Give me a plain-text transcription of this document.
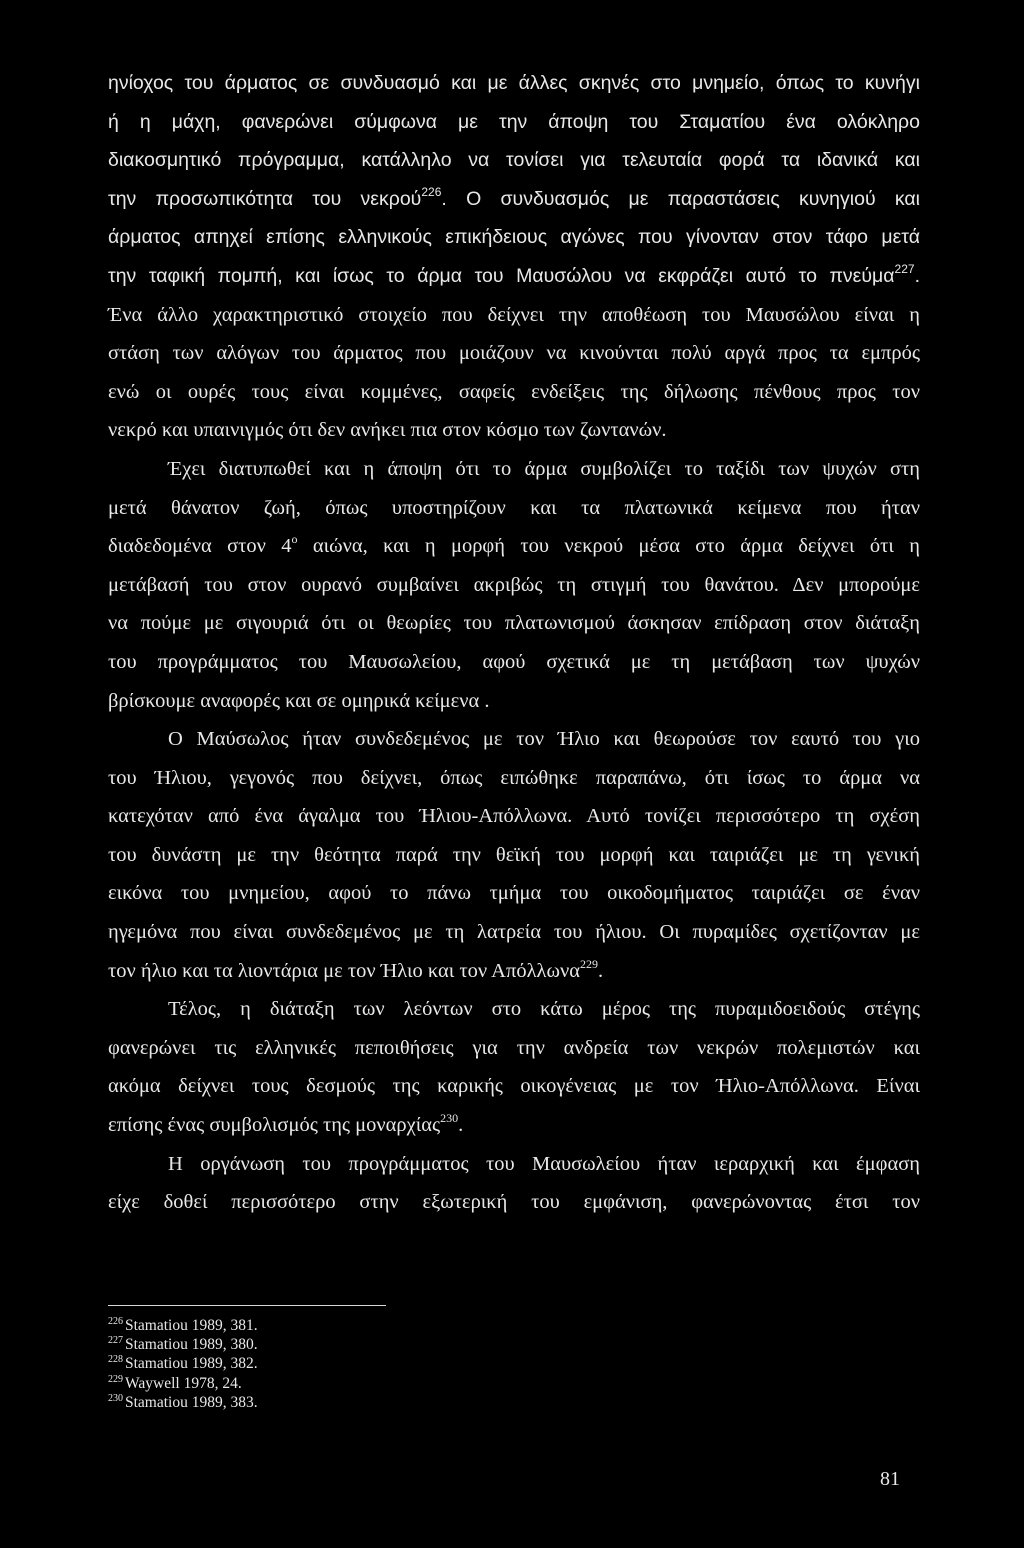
ηνίοχος του άρματος σε συνδυασμό και με άλλες σκηνές στο μνημείο, όπως το κυνήγι
ή η μάχη, φανερώνει σύμφωνα με την άποψη του Σταματίου ένα ολόκληρο
διακοσμητικό πρόγραμμα, κατάλληλο να τονίσει για τελευταία φορά τα ιδανικά και
την προσωπικότητα του νεκρού$^{226}$. Ο συνδυασμός με παραστάσεις κυνηγιού και
άρματος απηχεί επίσης ελληνικούς επικήδειους αγώνες που γίνονταν στον τάφο μετά
την ταφική πομπή, και ίσως το άρμα του Μαυσώλου να εκφράζει αυτό το πνεύμα$^{227}$.
Ένα άλλο χαρακτηριστικό στοιχείο που δείχνει την αποθέωση του Μαυσώλου είναι η
στάση των αλόγων του άρματος που μοιάζουν να κινούνται πολύ αργά προς τα εμπρός
ενώ οι ουρές τους είναι κομμένες, σαφείς ενδείξεις της δήλωσης πένθους προς τον
νεκρό και υπαινιγμός ότι δεν ανήκει πια στον κόσμο των ζωντανών.
Έχει διατυπωθεί και η άποψη ότι το άρμα συμβολίζει το ταξίδι των ψυχών στη
μετά θάνατον ζωή, όπως υποστηρίζουν και τα πλατωνικά κείμενα που ήταν
διαδεδομένα στον $4^o$ αιώνα, και η μορφή του νεκρού μέσα στο άρμα δείχνει ότι η
μετάβασή του στον ουρανό συμβαίνει ακριβώς τη στιγμή του θανάτου. Δεν μπορούμε
να πούμε με σιγουριά ότι οι θεωρίες του πλατωνισμού άσκησαν επίδραση στον διάταξη
του προγράμματος του Μαυσωλείου, αφού σχετικά με τη μετάβαση των ψυχών
βρίσκουμε αναφορές και σε ομηρικά κείμενα .
Ο Μαύσωλος ήταν συνδεδεμένος με τον Ήλιο και θεωρούσε τον εαυτό του γιο
του Ήλιου, γεγονός που δείχνει, όπως ειπώθηκε παραπάνω, ότι ίσως το άρμα να
κατεχόταν από ένα άγαλμα του Ήλιου-Απόλλωνα. Αυτό τονίζει περισσότερο τη σχέση
του δυνάστη με την θεότητα παρά την θεϊκή του μορφή και ταιριάζει με τη γενική
εικόνα του μνημείου, αφού το πάνω τμήμα του οικοδομήματος ταιριάζει σε έναν
ηγεμόνα που είναι συνδεδεμένος με τη λατρεία του ήλιου. Οι πυραμίδες σχετίζονταν με
τον ήλιο και τα λιοντάρια με τον Ήλιο και τον Απόλλωνα$^{229}$.
Τέλος, η διάταξη των λεόντων στο κάτω μέρος της πυραμιδοειδούς στέγης
φανερώνει τις ελληνικές πεποιθήσεις για την ανδρεία των νεκρών πολεμιστών και
ακόμα δείχνει τους δεσμούς της καρικής οικογένειας με τον Ήλιο-Απόλλωνα. Είναι
επίσης ένας συμβολισμός της μοναρχίας$^{230}$.
Η οργάνωση του προγράμματος του Μαυσωλείου ήταν ιεραρχική και έμφαση
είχε δοθεί περισσότερο στην εξωτερική του εμφάνιση, φανερώνοντας έτσι τον
$^{226}$ Stamatiou 1989, 381.
$^{227}$ Stamatiou 1989, 380.
$^{228}$ Stamatiou 1989, 382.
$^{229}$ Waywell 1978, 24.
$^{230}$ Stamatiou 1989, 383.
81
